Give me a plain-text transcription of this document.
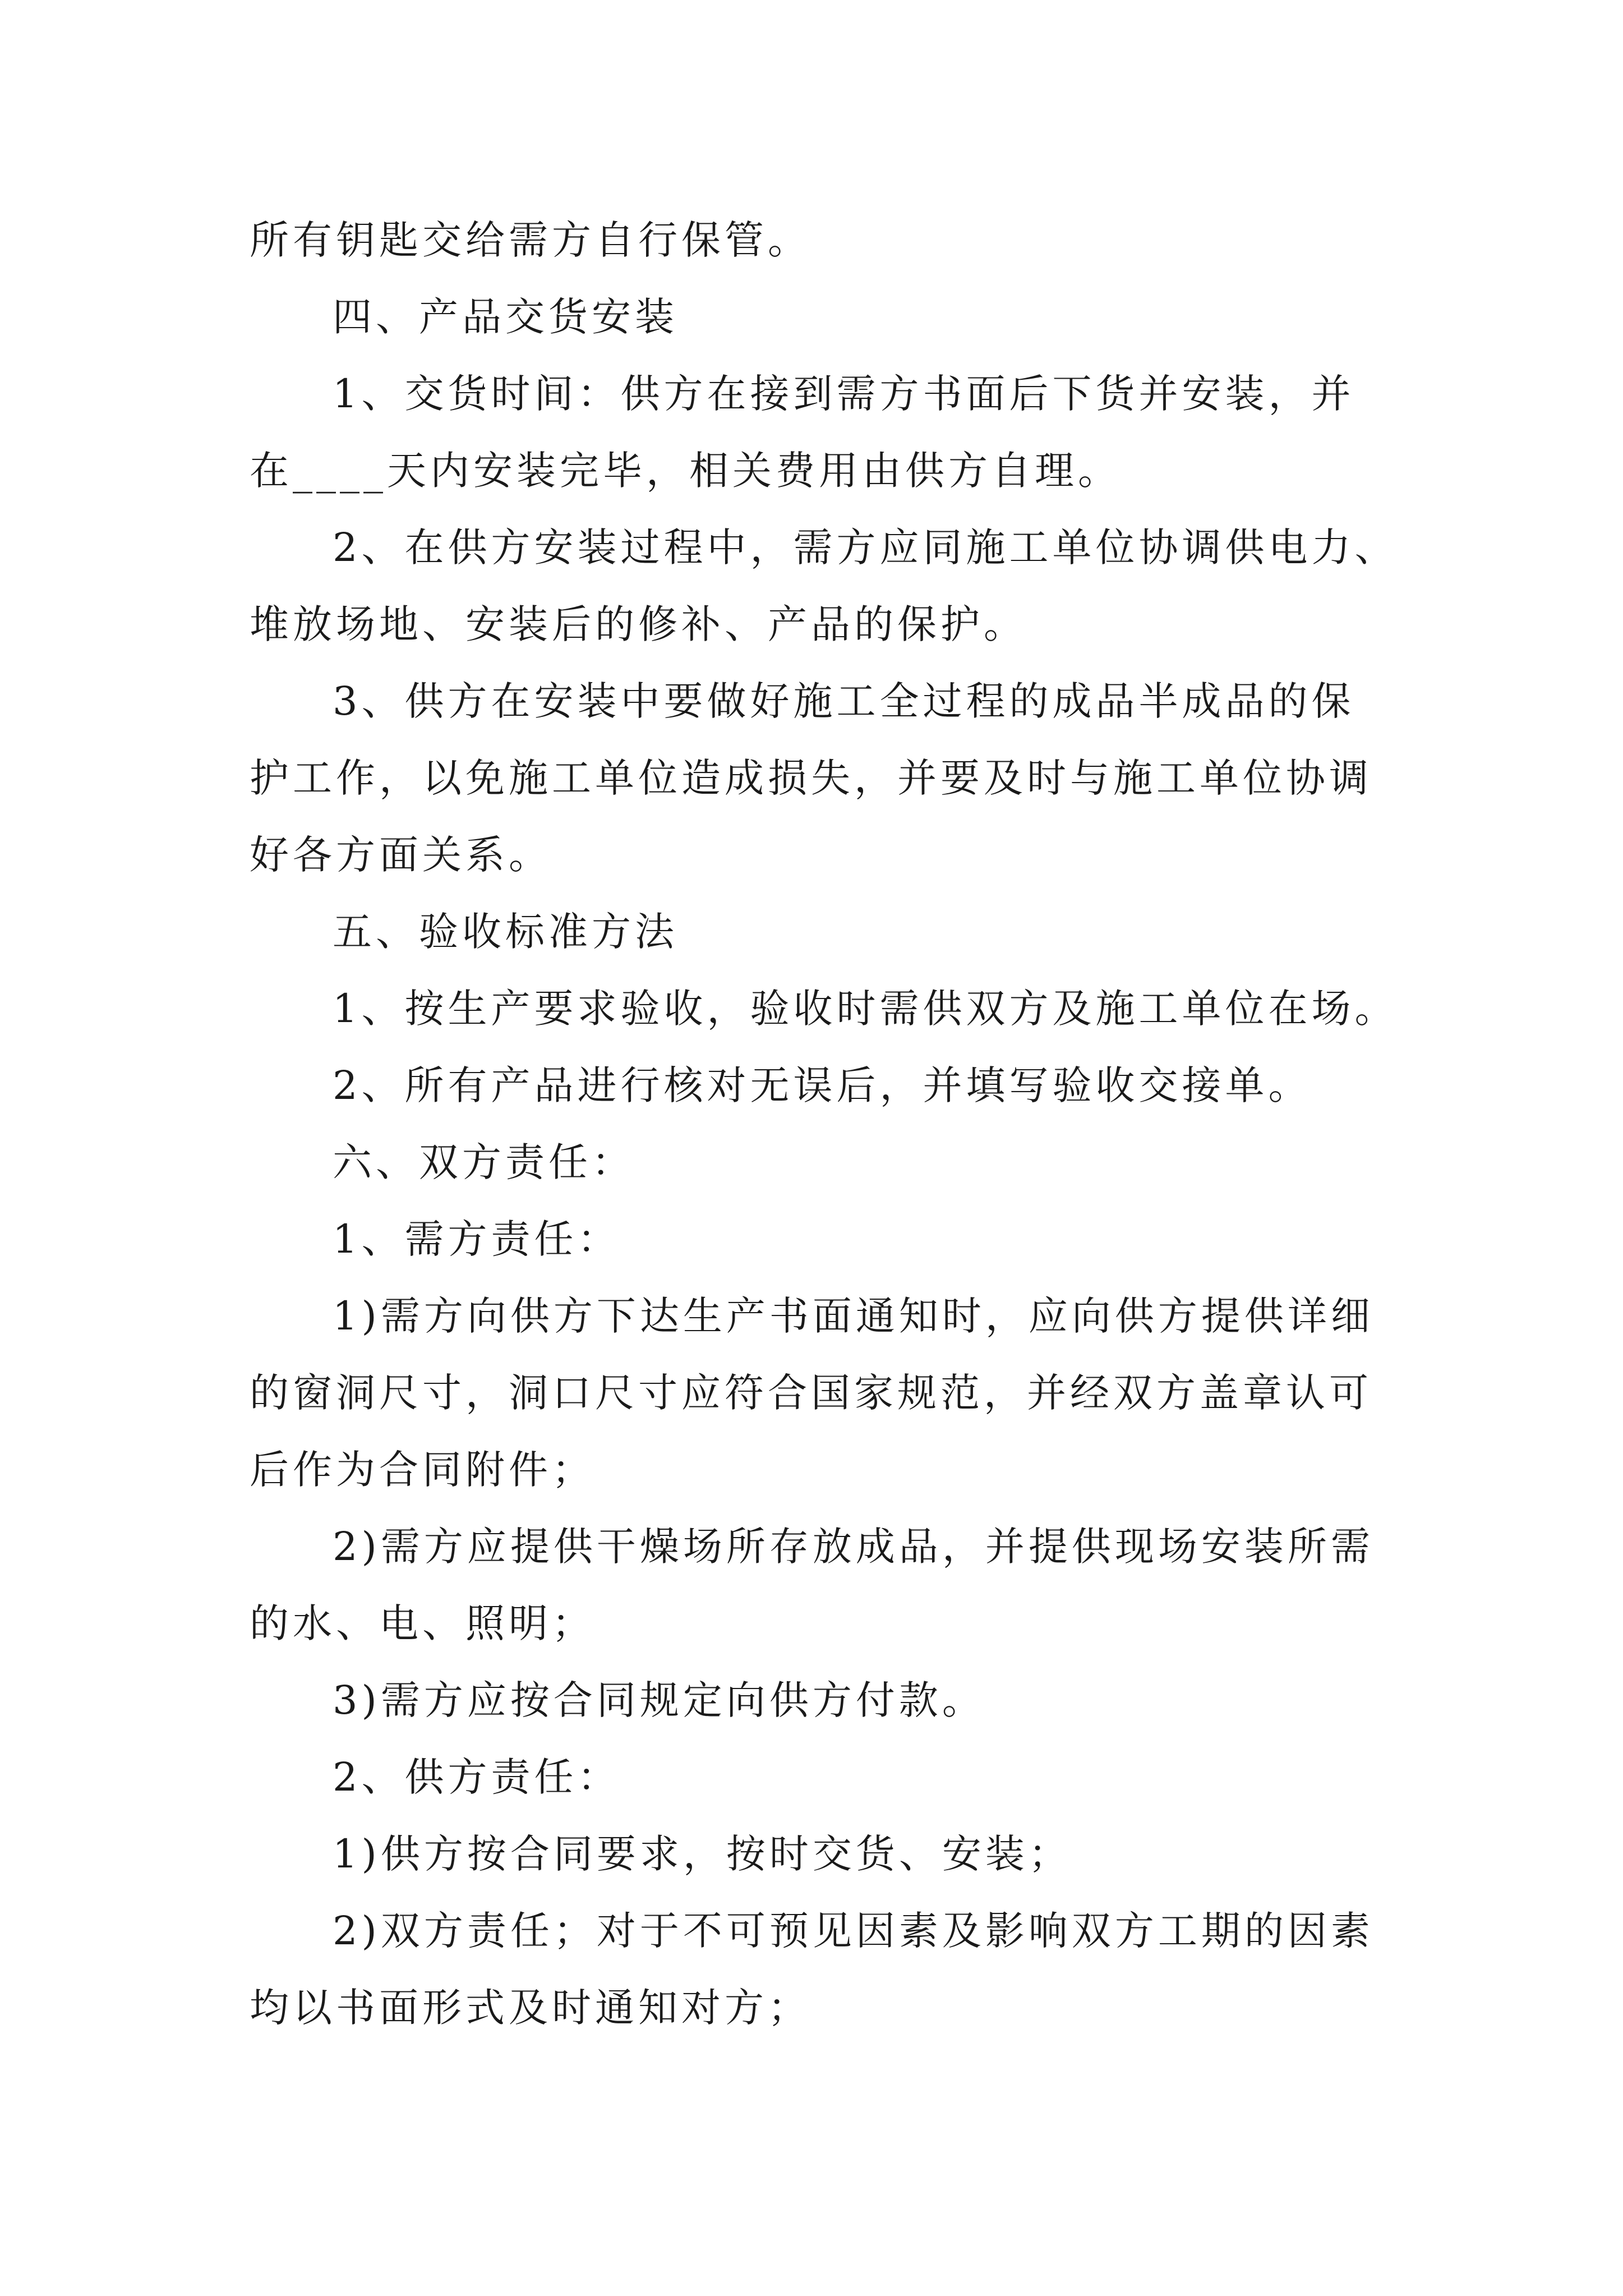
所有钥匙交给需方自行保管。

四、产品交货安装

1、交货时间：供方在接到需方书面后下货并安装，并

在____天内安装完毕，相关费用由供方自理。

2、在供方安装过程中，需方应同施工单位协调供电力、

堆放场地、安装后的修补、产品的保护。

3、供方在安装中要做好施工全过程的成品半成品的保

护工作，以免施工单位造成损失，并要及时与施工单位协调

好各方面关系。

五、验收标准方法

1、按生产要求验收，验收时需供双方及施工单位在场。

2、所有产品进行核对无误后，并填写验收交接单。

六、双方责任：

1、需方责任：

1)需方向供方下达生产书面通知时，应向供方提供详细

的窗洞尺寸，洞口尺寸应符合国家规范，并经双方盖章认可

后作为合同附件；

2)需方应提供干燥场所存放成品，并提供现场安装所需

的水、电、照明；

3)需方应按合同规定向供方付款。

2、供方责任：

1)供方按合同要求，按时交货、安装；

2)双方责任；对于不可预见因素及影响双方工期的因素

均以书面形式及时通知对方；
